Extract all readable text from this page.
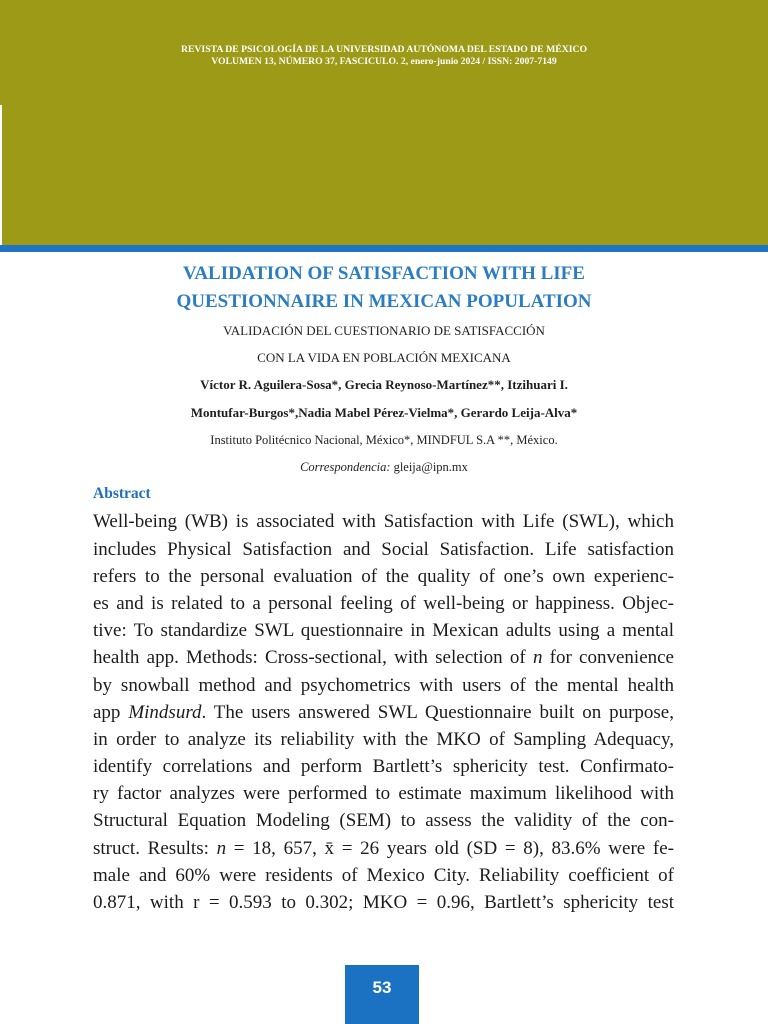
REVISTA DE PSICOLOGÍA DE LA UNIVERSIDAD AUTÓNOMA DEL ESTADO DE MÉXICO
VOLUMEN 13, NÚMERO 37, FASCICULO. 2, enero-junio 2024 / ISSN: 2007-7149
VALIDATION OF SATISFACTION WITH LIFE
QUESTIONNAIRE IN MEXICAN POPULATION
VALIDACIÓN DEL CUESTIONARIO DE SATISFACCIÓN
CON LA VIDA EN POBLACIÓN MEXICANA
Víctor R. Aguilera-Sosa*, Grecia Reynoso-Martínez**, Itzihuari I.
Montufar-Burgos*,Nadia Mabel Pérez-Vielma*, Gerardo Leija-Alva*
Instituto Politécnico Nacional, México*, MINDFUL S.A **, México.
Correspondencia: gleija@ipn.mx
Abstract
Well-being (WB) is associated with Satisfaction with Life (SWL), which
includes Physical Satisfaction and Social Satisfaction. Life satisfaction
refers to the personal evaluation of the quality of one’s own experienc-
es and is related to a personal feeling of well-being or happiness. Objec-
tive: To standardize SWL questionnaire in Mexican adults using a mental
health app. Methods: Cross-sectional, with selection of n for convenience
by snowball method and psychometrics with users of the mental health
app Mindsurd. The users answered SWL Questionnaire built on purpose,
in order to analyze its reliability with the MKO of Sampling Adequacy,
identify correlations and perform Bartlett’s sphericity test. Confirmato-
ry factor analyzes were performed to estimate maximum likelihood with
Structural Equation Modeling (SEM) to assess the validity of the con-
struct. Results: n = 18, 657, x̄ = 26 years old (SD = 8), 83.6% were fe-
male and 60% were residents of Mexico City. Reliability coefficient of
0.871, with r = 0.593 to 0.302; MKO = 0.96, Bartlett’s sphericity test
53
